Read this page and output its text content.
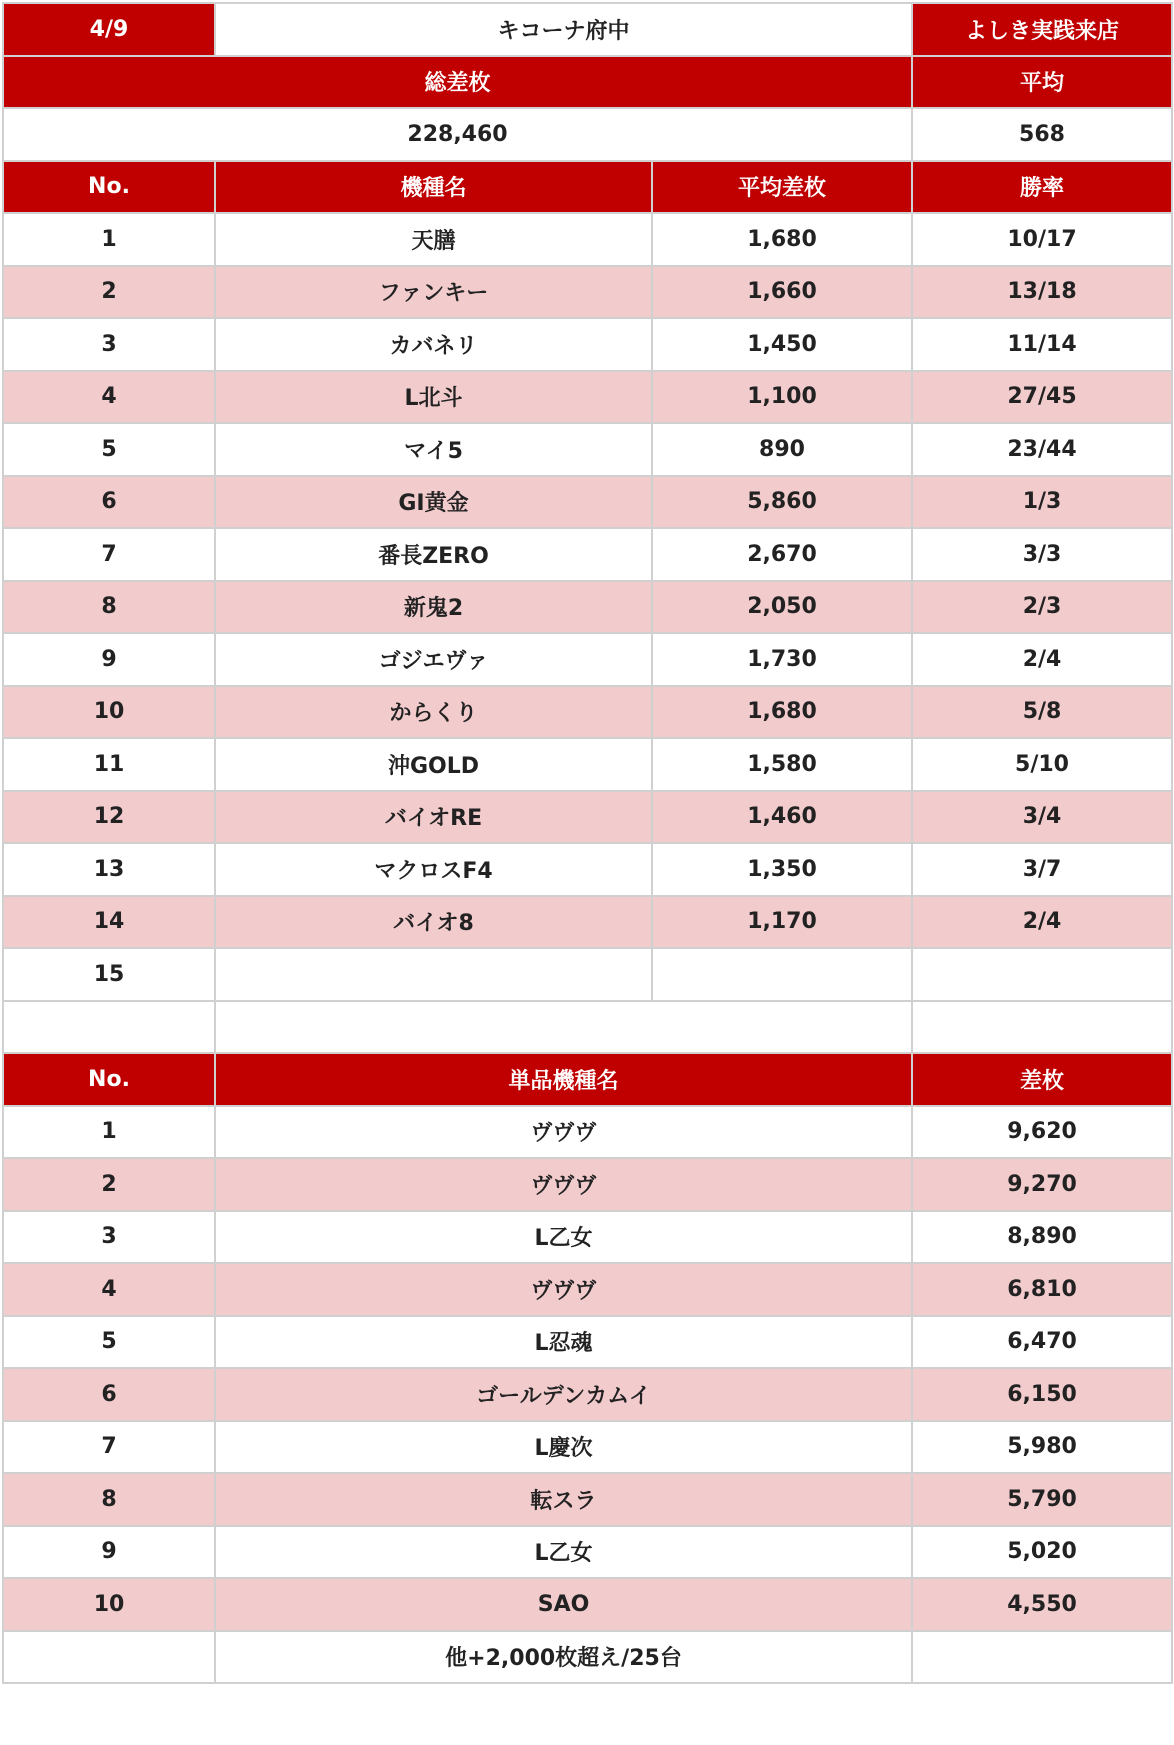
4/9	キコーナ府中		よしき実践来店
総差枚			平均
228,460			568
No.	機種名	平均差枚	勝率
1	天膳	1,680	10/17
2	ファンキー	1,660	13/18
3	カバネリ	1,450	11/14
4	L北斗	1,100	27/45
5	マイ5	890	23/44
6	GI黄金	5,860	1/3
7	番長ZERO	2,670	3/3
8	新鬼2	2,050	2/3
9	ゴジエヴァ	1,730	2/4
10	からくり	1,680	5/8
11	沖GOLD	1,580	5/10
12	バイオRE	1,460	3/4
13	マクロスF4	1,350	3/7
14	バイオ8	1,170	2/4
15			

No.	単品機種名		差枚
1	ヴヴヴ		9,620
2	ヴヴヴ		9,270
3	L乙女		8,890
4	ヴヴヴ		6,810
5	L忍魂		6,470
6	ゴールデンカムイ		6,150
7	L慶次		5,980
8	転スラ		5,790
9	L乙女		5,020
10	SAO		4,550
	他+2,000枚超え/25台		
